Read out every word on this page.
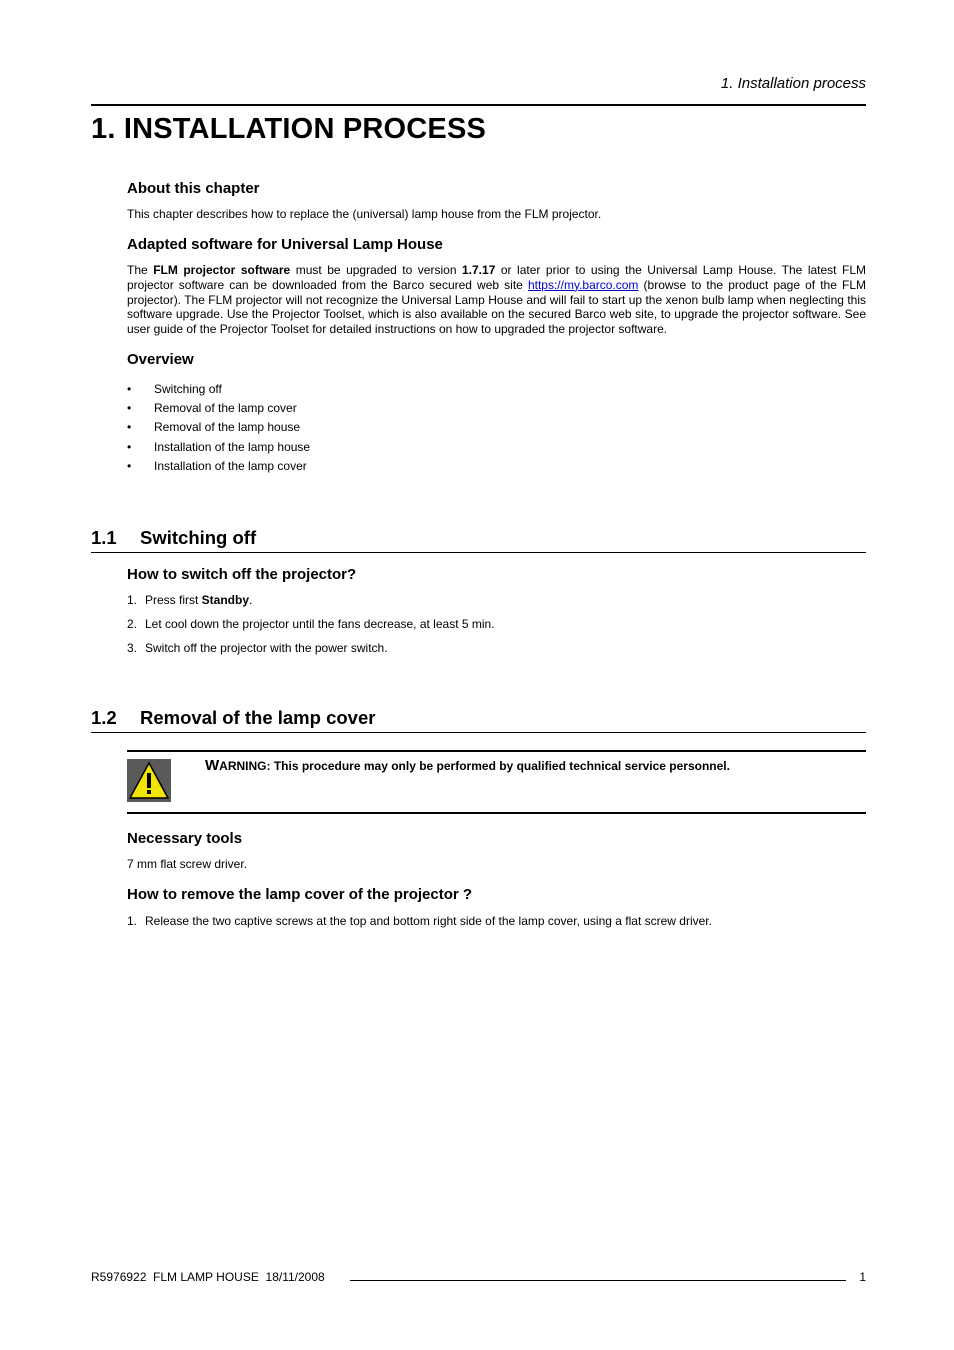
1. Installation process
1. INSTALLATION PROCESS
About this chapter

This chapter describes how to replace the (universal) lamp house from the FLM projector.

Adapted software for Universal Lamp House

The FLM projector software must be upgraded to version 1.7.17 or later prior to using the Universal Lamp House. The latest FLM projector software can be downloaded from the Barco secured web site https://my.barco.com (browse to the product page of the FLM projector). The FLM projector will not recognize the Universal Lamp House and will fail to start up the xenon bulb lamp when neglecting this software upgrade. Use the Projector Toolset, which is also available on the secured Barco web site, to upgrade the projector software. See user guide of the Projector Toolset for detailed instructions on how to upgraded the projector software.

Overview
• Switching off
• Removal of the lamp cover
• Removal of the lamp house
• Installation of the lamp house
• Installation of the lamp cover
1.1 Switching off
How to switch off the projector?
1. Press first Standby.
2. Let cool down the projector until the fans decrease, at least 5 min.
3. Switch off the projector with the power switch.
1.2 Removal of the lamp cover
WARNING: This procedure may only be performed by qualified technical service personnel.
Necessary tools

7 mm flat screw driver.

How to remove the lamp cover of the projector ?
1. Release the two captive screws at the top and bottom right side of the lamp cover, using a flat screw driver.
R5976922  FLM LAMP HOUSE  18/11/2008	1
